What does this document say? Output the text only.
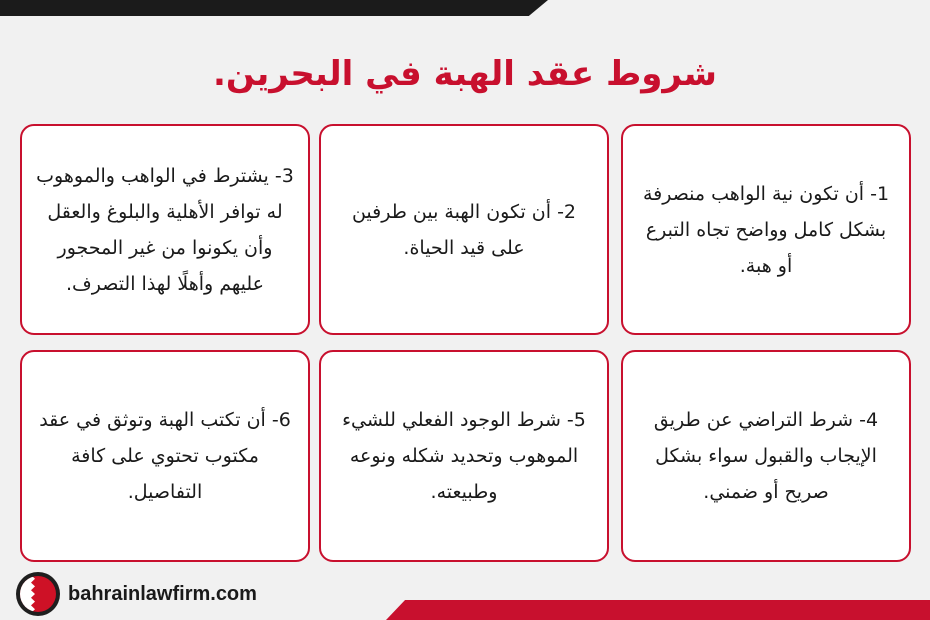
شروط عقد الهبة في البحرين.
1- أن تكون نية الواهب منصرفة بشكل كامل وواضح تجاه التبرع أو هبة.
2- أن تكون الهبة بين طرفين على قيد الحياة.
3- يشترط في الواهب والموهوب له توافر الأهلية والبلوغ والعقل وأن يكونوا من غير المحجور عليهم وأهلًا لهذا التصرف.
4- شرط التراضي عن طريق الإيجاب والقبول سواء بشكل صريح أو ضمني.
5- شرط الوجود الفعلي للشيء الموهوب وتحديد شكله ونوعه وطبيعته.
6- أن تكتب الهبة وتوثق في عقد مكتوب تحتوي على كافة التفاصيل.
bahrainlawfirm.com
